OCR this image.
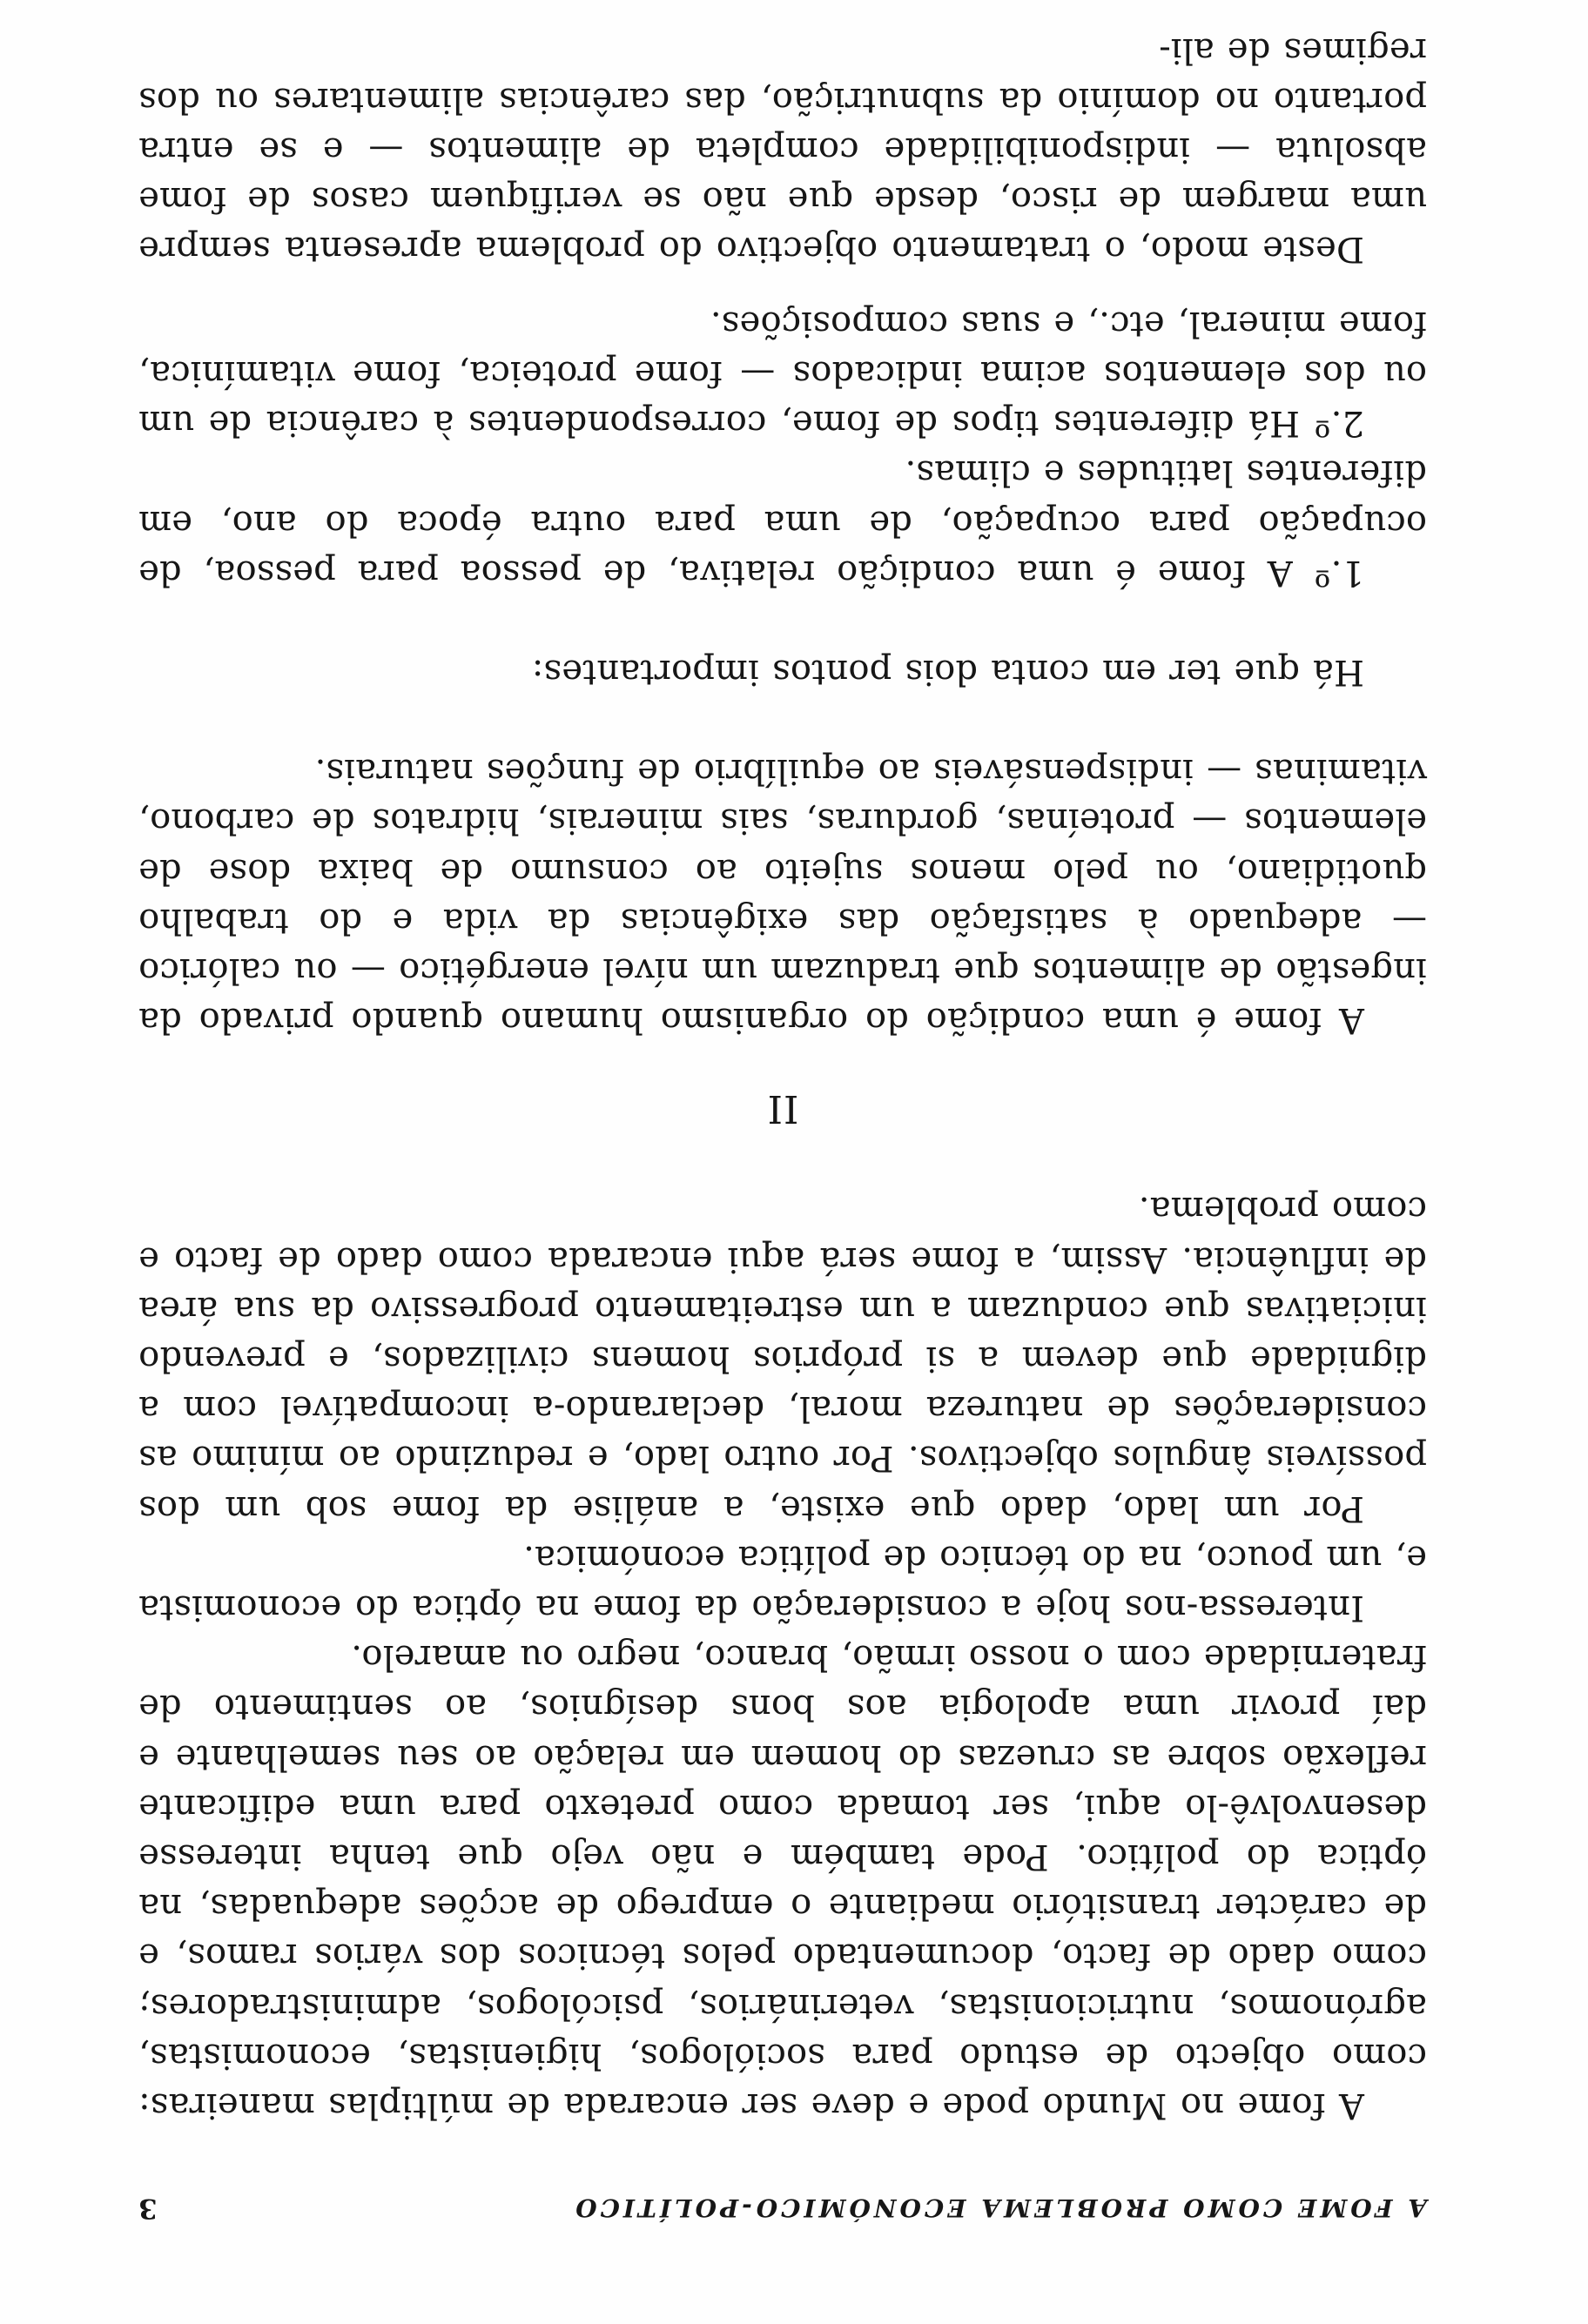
A FOME COMO PROBLEMA ECONÓMICO-POLÍTICO
3

A fome no Mundo pode e deve ser encarada de múltiplas maneiras: como objecto de estudo para sociólogos, higienistas, economistas, agrónomos, nutricionistas, veterinários, psicólogos, administradores; como dado de facto, documentado pelos técnicos dos vários ramos, e de carácter transitório mediante o emprego de acções adequadas, na óptica do político. Pode também e não vejo que tenha interesse desenvolvê-lo aqui, ser tomada como pretexto para uma edificante reflexão sobre as cruezas do homem em relação ao seu semelhante e daí provir uma apologia aos bons desígnios, ao sentimento de fraternidade com o nosso irmão, branco, negro ou amarelo.

Interessa-nos hoje a consideração da fome na óptica do economista e, um pouco, na do técnico de política económica.

Por um lado, dado que existe, a análise da fome sob um dos possíveis ângulos objectivos. Por outro lado, e reduzindo ao mínimo as considerações de natureza moral, declarando-a incompatível com a dignidade que devem a si próprios homens civilizados, e prevendo iniciativas que conduzam a um estreitamento progressivo da sua área de influência. Assim, a fome será aqui encarada como dado de facto e como problema.

II

A fome é uma condição do organismo humano quando privado da ingestão de alimentos que traduzam um nível energético — ou calórico — adequado à satisfação das exigências da vida e do trabalho quotidiano, ou pelo menos sujeito ao consumo de baixa dose de elementos — proteínas, gorduras, sais minerais, hidratos de carbono, vitaminas — indispensáveis ao equilíbrio de funções naturais.

Há que ter em conta dois pontos importantes:

1.º A fome é uma condição relativa, de pessoa para pessoa, de ocupação para ocupação, de uma para outra época do ano, em diferentes latitudes e climas.

2.º Há diferentes tipos de fome, correspondentes à carência de um ou dos elementos acima indicados — fome proteica, fome vitamínica, fome mineral, etc., e suas composições.

Deste modo, o tratamento objectivo do problema apresenta sempre uma margem de risco, desde que não se verifiquem casos de fome absoluta — indisponibilidade completa de alimentos — e se entra portanto no domínio da subnutrição, das carências alimentares ou dos regimes de ali-
